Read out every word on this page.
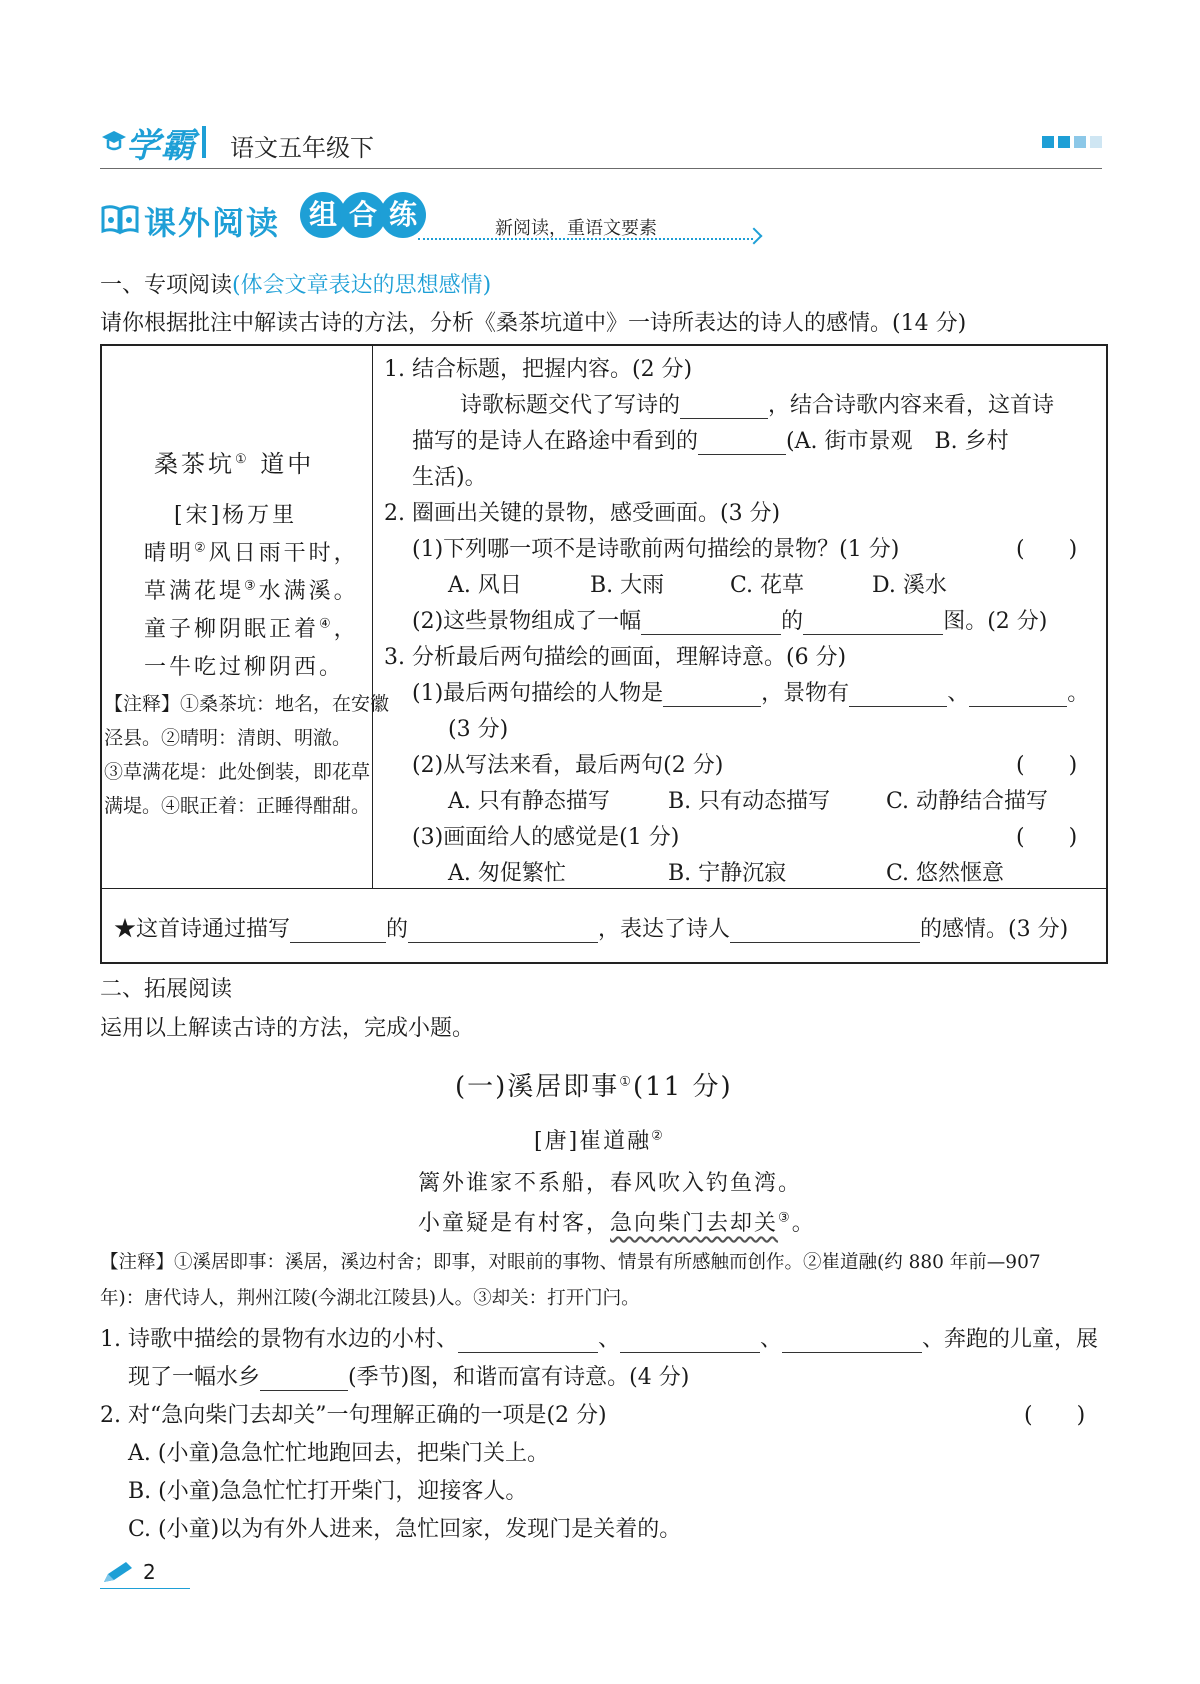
学霸 语文五年级下
课外阅读	组 合 练	新阅读，重语文要素
一、专项阅读(体会文章表达的思想感情)
请你根据批注中解读古诗的方法，分析《桑茶坑道中》一诗所表达的诗人的感情。(14 分)
桑茶坑① 道中
[宋]杨万里
晴明②风日雨干时，
草满花堤③水满溪。
童子柳阴眠正着④，
一牛吃过柳阴西。
【注释】①桑茶坑：地名，在安徽
泾县。②晴明：清朗、明澈。
③草满花堤：此处倒装，即花草
满堤。④眠正着：正睡得酣甜。
1. 结合标题，把握内容。(2 分)
诗歌标题交代了写诗的	，结合诗歌内容来看，这首诗
描写的是诗人在路途中看到的	(A. 街市景观　B. 乡村
生活)。
2. 圈画出关键的景物，感受画面。(3 分)
(1)下列哪一项不是诗歌前两句描绘的景物？(1 分)	(　　)
A. 风日	B. 大雨	C. 花草	D. 溪水
(2)这些景物组成了一幅	的	图。(2 分)
3. 分析最后两句描绘的画面，理解诗意。(6 分)
(1)最后两句描绘的人物是	，景物有	、	。
(3 分)
(2)从写法来看，最后两句(2 分)	(　　)
A. 只有静态描写	B. 只有动态描写	C. 动静结合描写
(3)画面给人的感觉是(1 分)	(　　)
A. 匆促繁忙	B. 宁静沉寂	C. 悠然惬意
★这首诗通过描写	的	，表达了诗人	的感情。(3 分)
二、拓展阅读
运用以上解读古诗的方法，完成小题。
(一)溪居即事①(11 分)
[唐]崔道融②
篱外谁家不系船，春风吹入钓鱼湾。
小童疑是有村客，急向柴门去却关③。
【注释】①溪居即事：溪居，溪边村舍；即事，对眼前的事物、情景有所感触而创作。②崔道融(约 880 年前—907
年)：唐代诗人，荆州江陵(今湖北江陵县)人。③却关：打开门闩。
1. 诗歌中描绘的景物有水边的小村、	、	、	、奔跑的儿童，展
现了一幅水乡	(季节)图，和谐而富有诗意。(4 分)
2. 对“急向柴门去却关”一句理解正确的一项是(2 分)	(　　)
A. (小童)急急忙忙地跑回去，把柴门关上。
B. (小童)急急忙忙打开柴门，迎接客人。
C. (小童)以为有外人进来，急忙回家，发现门是关着的。
2
